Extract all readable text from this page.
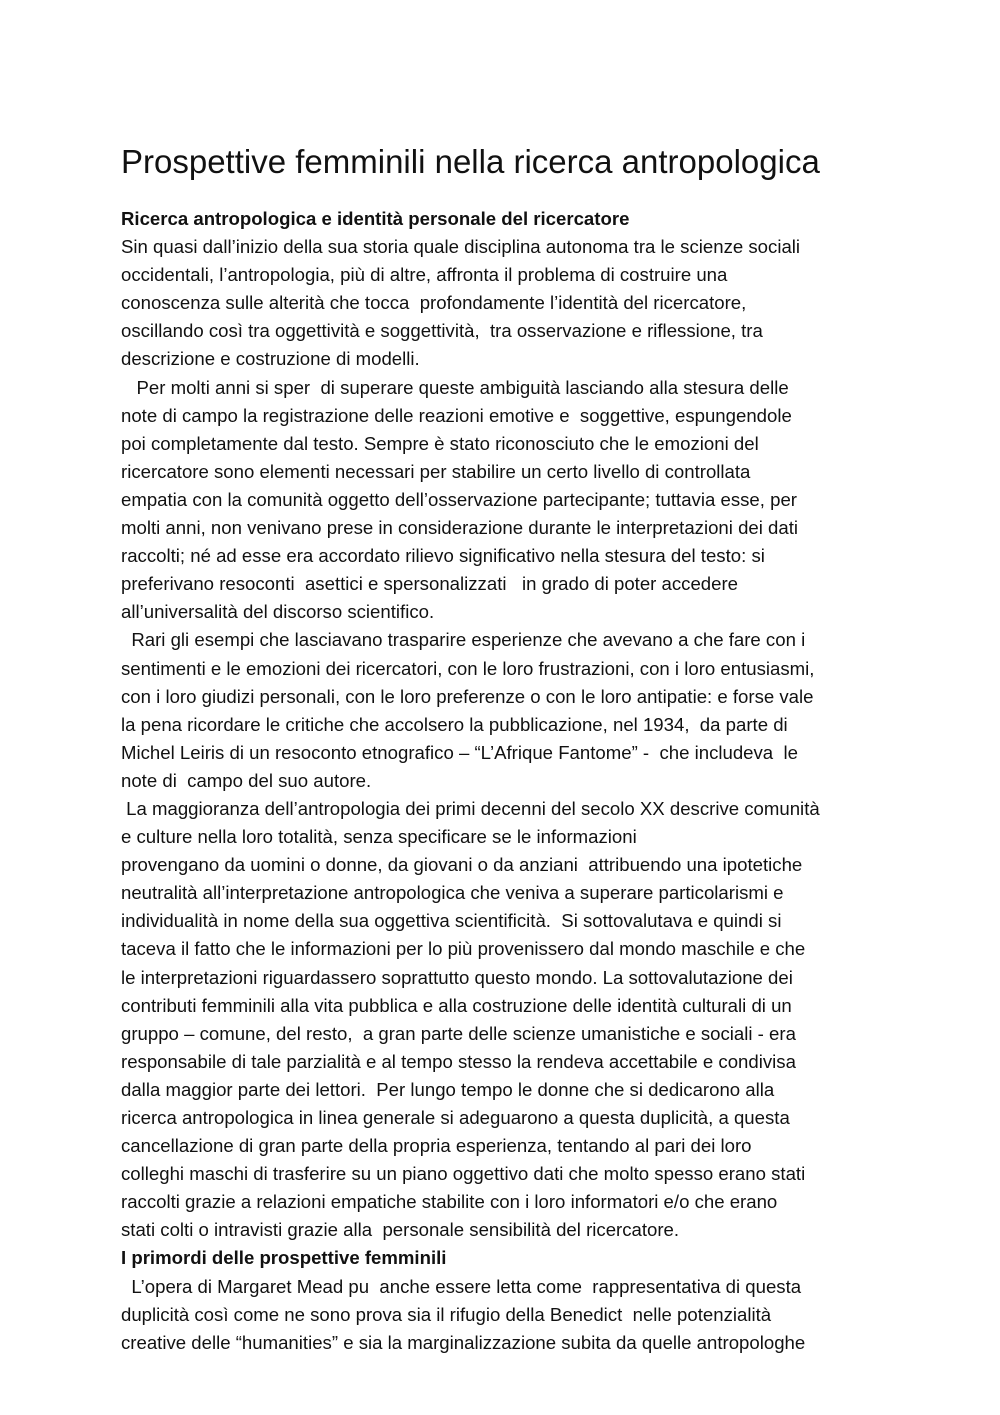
Prospettive femminili nella ricerca antropologica
Ricerca antropologica e identità personale del ricercatore
Sin quasi dall’inizio della sua storia quale disciplina autonoma tra le scienze sociali
occidentali, l’antropologia, più di altre, affronta il problema di costruire una
conoscenza sulle alterità che tocca  profondamente l’identità del ricercatore,
oscillando così tra oggettività e soggettività,  tra osservazione e riflessione, tra
descrizione e costruzione di modelli.
Per molti anni si sper  di superare queste ambiguità lasciando alla stesura delle
note di campo la registrazione delle reazioni emotive e  soggettive, espungendole
poi completamente dal testo. Sempre è stato riconosciuto che le emozioni del
ricercatore sono elementi necessari per stabilire un certo livello di controllata
empatia con la comunità oggetto dell’osservazione partecipante; tuttavia esse, per
molti anni, non venivano prese in considerazione durante le interpretazioni dei dati
raccolti; né ad esse era accordato rilievo significativo nella stesura del testo: si
preferivano resoconti  asettici e spersonalizzati   in grado di poter accedere
all’universalità del discorso scientifico.
Rari gli esempi che lasciavano trasparire esperienze che avevano a che fare con i
sentimenti e le emozioni dei ricercatori, con le loro frustrazioni, con i loro entusiasmi,
con i loro giudizi personali, con le loro preferenze o con le loro antipatie: e forse vale
la pena ricordare le critiche che accolsero la pubblicazione, nel 1934,  da parte di
Michel Leiris di un resoconto etnografico – “L’Afrique Fantome” -  che includeva  le
note di  campo del suo autore.
La maggioranza dell’antropologia dei primi decenni del secolo XX descrive comunità
e culture nella loro totalità, senza specificare se le informazioni
provengano da uomini o donne, da giovani o da anziani  attribuendo una ipotetiche
neutralità all’interpretazione antropologica che veniva a superare particolarismi e
individualità in nome della sua oggettiva scientificità.  Si sottovalutava e quindi si
taceva il fatto che le informazioni per lo più provenissero dal mondo maschile e che
le interpretazioni riguardassero soprattutto questo mondo. La sottovalutazione dei
contributi femminili alla vita pubblica e alla costruzione delle identità culturali di un
gruppo – comune, del resto,  a gran parte delle scienze umanistiche e sociali - era
responsabile di tale parzialità e al tempo stesso la rendeva accettabile e condivisa
dalla maggior parte dei lettori.  Per lungo tempo le donne che si dedicarono alla
ricerca antropologica in linea generale si adeguarono a questa duplicità, a questa
cancellazione di gran parte della propria esperienza, tentando al pari dei loro
colleghi maschi di trasferire su un piano oggettivo dati che molto spesso erano stati
raccolti grazie a relazioni empatiche stabilite con i loro informatori e/o che erano
stati colti o intravisti grazie alla  personale sensibilità del ricercatore.
I primordi delle prospettive femminili
L’opera di Margaret Mead pu  anche essere letta come  rappresentativa di questa
duplicità così come ne sono prova sia il rifugio della Benedict  nelle potenzialità
creative delle “humanities” e sia la marginalizzazione subita da quelle antropologhe
